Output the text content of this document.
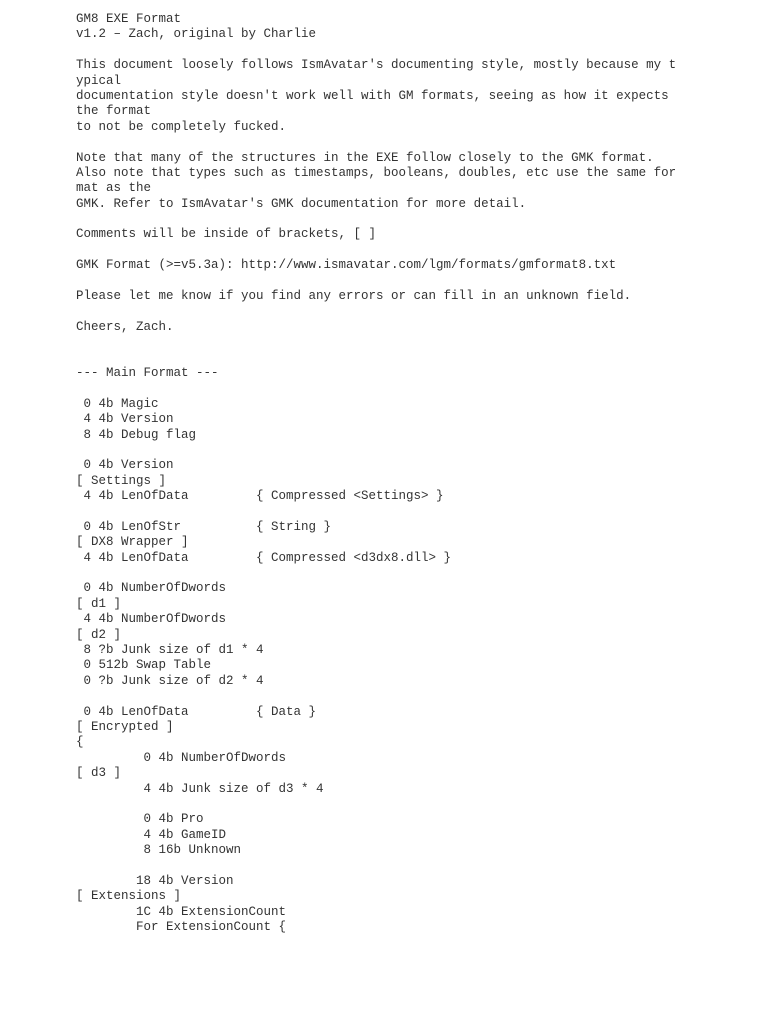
GM8 EXE Format
v1.2 – Zach, original by Charlie
This document loosely follows IsmAvatar's documenting style, mostly because my t
ypical
documentation style doesn't work well with GM formats, seeing as how it expects
the format
to not be completely fucked.
Note that many of the structures in the EXE follow closely to the GMK format.
Also note that types such as timestamps, booleans, doubles, etc use the same for
mat as the
GMK. Refer to IsmAvatar's GMK documentation for more detail.
Comments will be inside of brackets, [ ]
GMK Format (>=v5.3a): http://www.ismavatar.com/lgm/formats/gmformat8.txt
Please let me know if you find any errors or can fill in an unknown field.
Cheers, Zach.
--- Main Format ---
0 4b Magic
4 4b Version
8 4b Debug flag
0 4b Version
[ Settings ]
4 4b LenOfData         { Compressed <Settings> }
0 4b LenOfStr          { String }
[ DX8 Wrapper ]
4 4b LenOfData         { Compressed <d3dx8.dll> }
0 4b NumberOfDwords
[ d1 ]
4 4b NumberOfDwords
[ d2 ]
8 ?b Junk size of d1 * 4
0 512b Swap Table
0 ?b Junk size of d2 * 4
0 4b LenOfData         { Data }
[ Encrypted ]
{
0 4b NumberOfDwords
[ d3 ]
4 4b Junk size of d3 * 4
0 4b Pro
4 4b GameID
8 16b Unknown
18 4b Version
[ Extensions ]
1C 4b ExtensionCount
For ExtensionCount {
